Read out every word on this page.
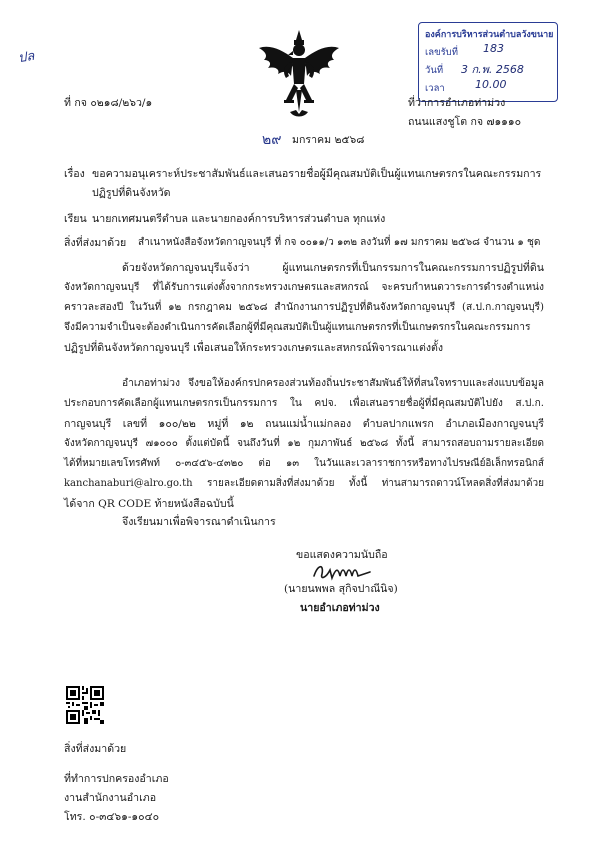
ปล
องค์การบริหารส่วนตำบลวังขนาย
เลขรับที่ 183
วันที่ 3 ก.พ. 2568
เวลา	10.00
ที่ กจ ๐๒๑๘/๒๖ว/๑	ที่ว่าการอำเภอท่าม่วง
ถนนแสงชูโต กจ ๗๑๑๑๐
๒๙ มกราคม ๒๕๖๘
เรื่อง ขอความอนุเคราะห์ประชาสัมพันธ์และเสนอรายชื่อผู้มีคุณสมบัติเป็นผู้แทนเกษตรกรในคณะกรรมการ
ปฏิรูปที่ดินจังหวัด
เรียน นายกเทศมนตรีตำบล และนายกองค์การบริหารส่วนตำบล ทุกแห่ง
สิ่งที่ส่งมาด้วย สำเนาหนังสือจังหวัดกาญจนบุรี ที่ กจ ๐๐๑๑/ว ๑๓๒ ลงวันที่ ๑๗ มกราคม ๒๕๖๘ จำนวน ๑ ชุด
ด้วยจังหวัดกาญจนบุรีแจ้งว่า ผู้แทนเกษตรกรที่เป็นกรรมการในคณะกรรมการปฏิรูปที่ดิน
จังหวัดกาญจนบุรี ที่ได้รับการแต่งตั้งจากกระทรวงเกษตรและสหกรณ์ จะครบกำหนดวาระการดำรงตำแหน่ง
คราวละสองปี ในวันที่ ๑๒ กรกฎาคม ๒๕๖๘ สำนักงานการปฏิรูปที่ดินจังหวัดกาญจนบุรี (ส.ป.ก.กาญจนบุรี)
จึงมีความจำเป็นจะต้องดำเนินการคัดเลือกผู้ที่มีคุณสมบัติเป็นผู้แทนเกษตรกรที่เป็นเกษตรกรในคณะกรรมการ
ปฏิรูปที่ดินจังหวัดกาญจนบุรี เพื่อเสนอให้กระทรวงเกษตรและสหกรณ์พิจารณาแต่งตั้ง
อำเภอท่าม่วง จึงขอให้องค์กรปกครองส่วนท้องถิ่นประชาสัมพันธ์ให้ที่สนใจทราบและส่งแบบข้อมูล
ประกอบการคัดเลือกผู้แทนเกษตรกรเป็นกรรมการ ใน คปจ. เพื่อเสนอรายชื่อผู้ที่มีคุณสมบัติไปยัง ส.ป.ก.
กาญจนบุรี เลขที่ ๑๐๐/๒๒ หมู่ที่ ๑๒ ถนนแม่น้ำแม่กลอง ตำบลปากแพรก อำเภอเมืองกาญจนบุรี
จังหวัดกาญจนบุรี ๗๑๐๐๐ ตั้งแต่บัดนี้ จนถึงวันที่ ๑๒ กุมภาพันธ์ ๒๕๖๘ ทั้งนี้ สามารถสอบถามรายละเอียด
ได้ที่หมายเลขโทรศัพท์ ๐-๓๔๕๖-๔๓๒๐ ต่อ ๑๓ ในวันและเวลาราชการหรือทางไปรษณีย์อิเล็กทรอนิกส์
kanchanaburi@alro.go.th รายละเอียดตามสิ่งที่ส่งมาด้วย ทั้งนี้ ท่านสามารถดาวน์โหลดสิ่งที่ส่งมาด้วย
ได้จาก QR CODE ท้ายหนังสือฉบับนี้
จึงเรียนมาเพื่อพิจารณาดำเนินการ
ขอแสดงความนับถือ
(นายนพพล สุกิจปาณีนิจ)
นายอำเภอท่าม่วง
สิ่งที่ส่งมาด้วย
ที่ทำการปกครองอำเภอ
งานสำนักงานอำเภอ
โทร. ๐-๓๔๖๑-๑๐๔๐
